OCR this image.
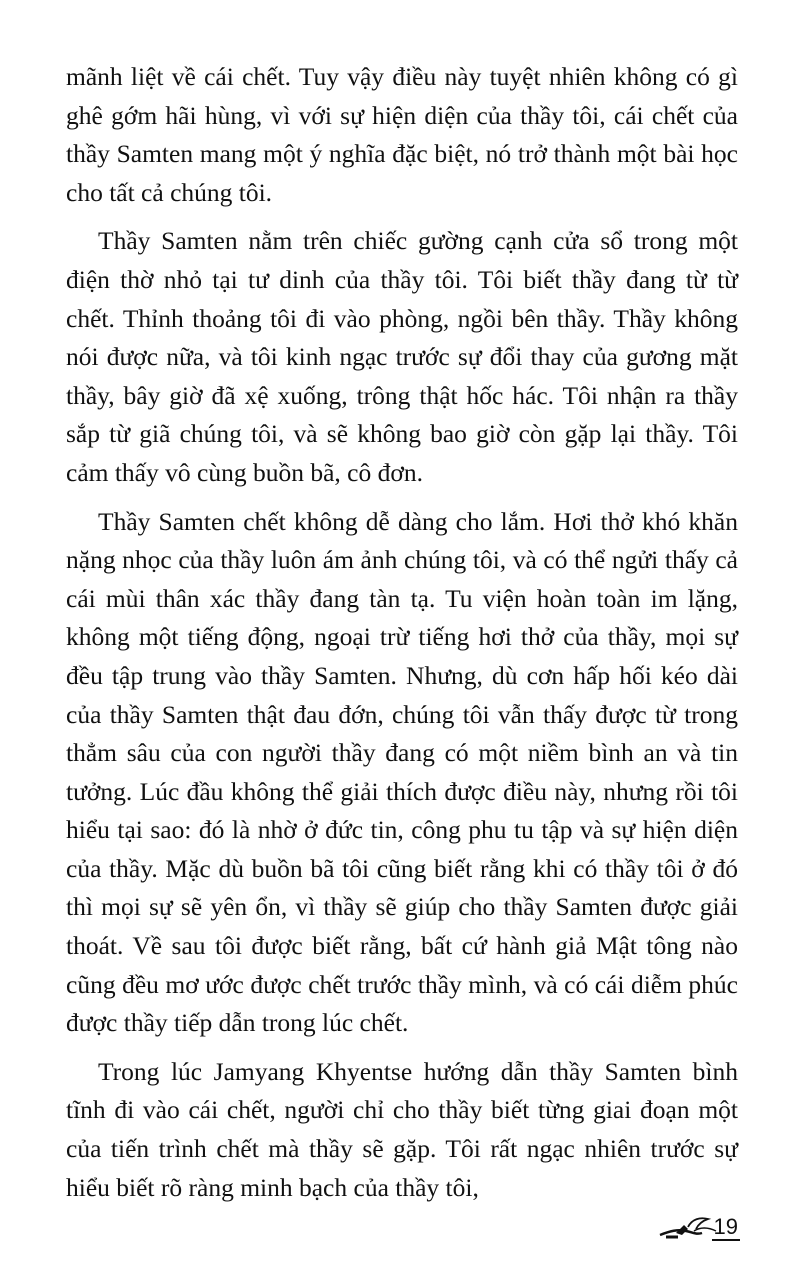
mãnh liệt về cái chết. Tuy vậy điều này tuyệt nhiên không có gì ghê gớm hãi hùng, vì với sự hiện diện của thầy tôi, cái chết của thầy Samten mang một ý nghĩa đặc biệt, nó trở thành một bài học cho tất cả chúng tôi.

Thầy Samten nằm trên chiếc gường cạnh cửa sổ trong một điện thờ nhỏ tại tư dinh của thầy tôi. Tôi biết thầy đang từ từ chết. Thỉnh thoảng tôi đi vào phòng, ngồi bên thầy. Thầy không nói được nữa, và tôi kinh ngạc trước sự đổi thay của gương mặt thầy, bây giờ đã xệ xuống, trông thật hốc hác. Tôi nhận ra thầy sắp từ giã chúng tôi, và sẽ không bao giờ còn gặp lại thầy. Tôi cảm thấy vô cùng buồn bã, cô đơn.

Thầy Samten chết không dễ dàng cho lắm. Hơi thở khó khăn nặng nhọc của thầy luôn ám ảnh chúng tôi, và có thể ngửi thấy cả cái mùi thân xác thầy đang tàn tạ. Tu viện hoàn toàn im lặng, không một tiếng động, ngoại trừ tiếng hơi thở của thầy, mọi sự đều tập trung vào thầy Samten. Nhưng, dù cơn hấp hối kéo dài của thầy Samten thật đau đớn, chúng tôi vẫn thấy được từ trong thẳm sâu của con người thầy đang có một niềm bình an và tin tưởng. Lúc đầu không thể giải thích được điều này, nhưng rồi tôi hiểu tại sao: đó là nhờ ở đức tin, công phu tu tập và sự hiện diện của thầy. Mặc dù buồn bã tôi cũng biết rằng khi có thầy tôi ở đó thì mọi sự sẽ yên ổn, vì thầy sẽ giúp cho thầy Samten được giải thoát. Về sau tôi được biết rằng, bất cứ hành giả Mật tông nào cũng đều mơ ước được chết trước thầy mình, và có cái diễm phúc được thầy tiếp dẫn trong lúc chết.

Trong lúc Jamyang Khyentse hướng dẫn thầy Samten bình tĩnh đi vào cái chết, người chỉ cho thầy biết từng giai đoạn một của tiến trình chết mà thầy sẽ gặp. Tôi rất ngạc nhiên trước sự hiểu biết rõ ràng minh bạch của thầy tôi,

19
